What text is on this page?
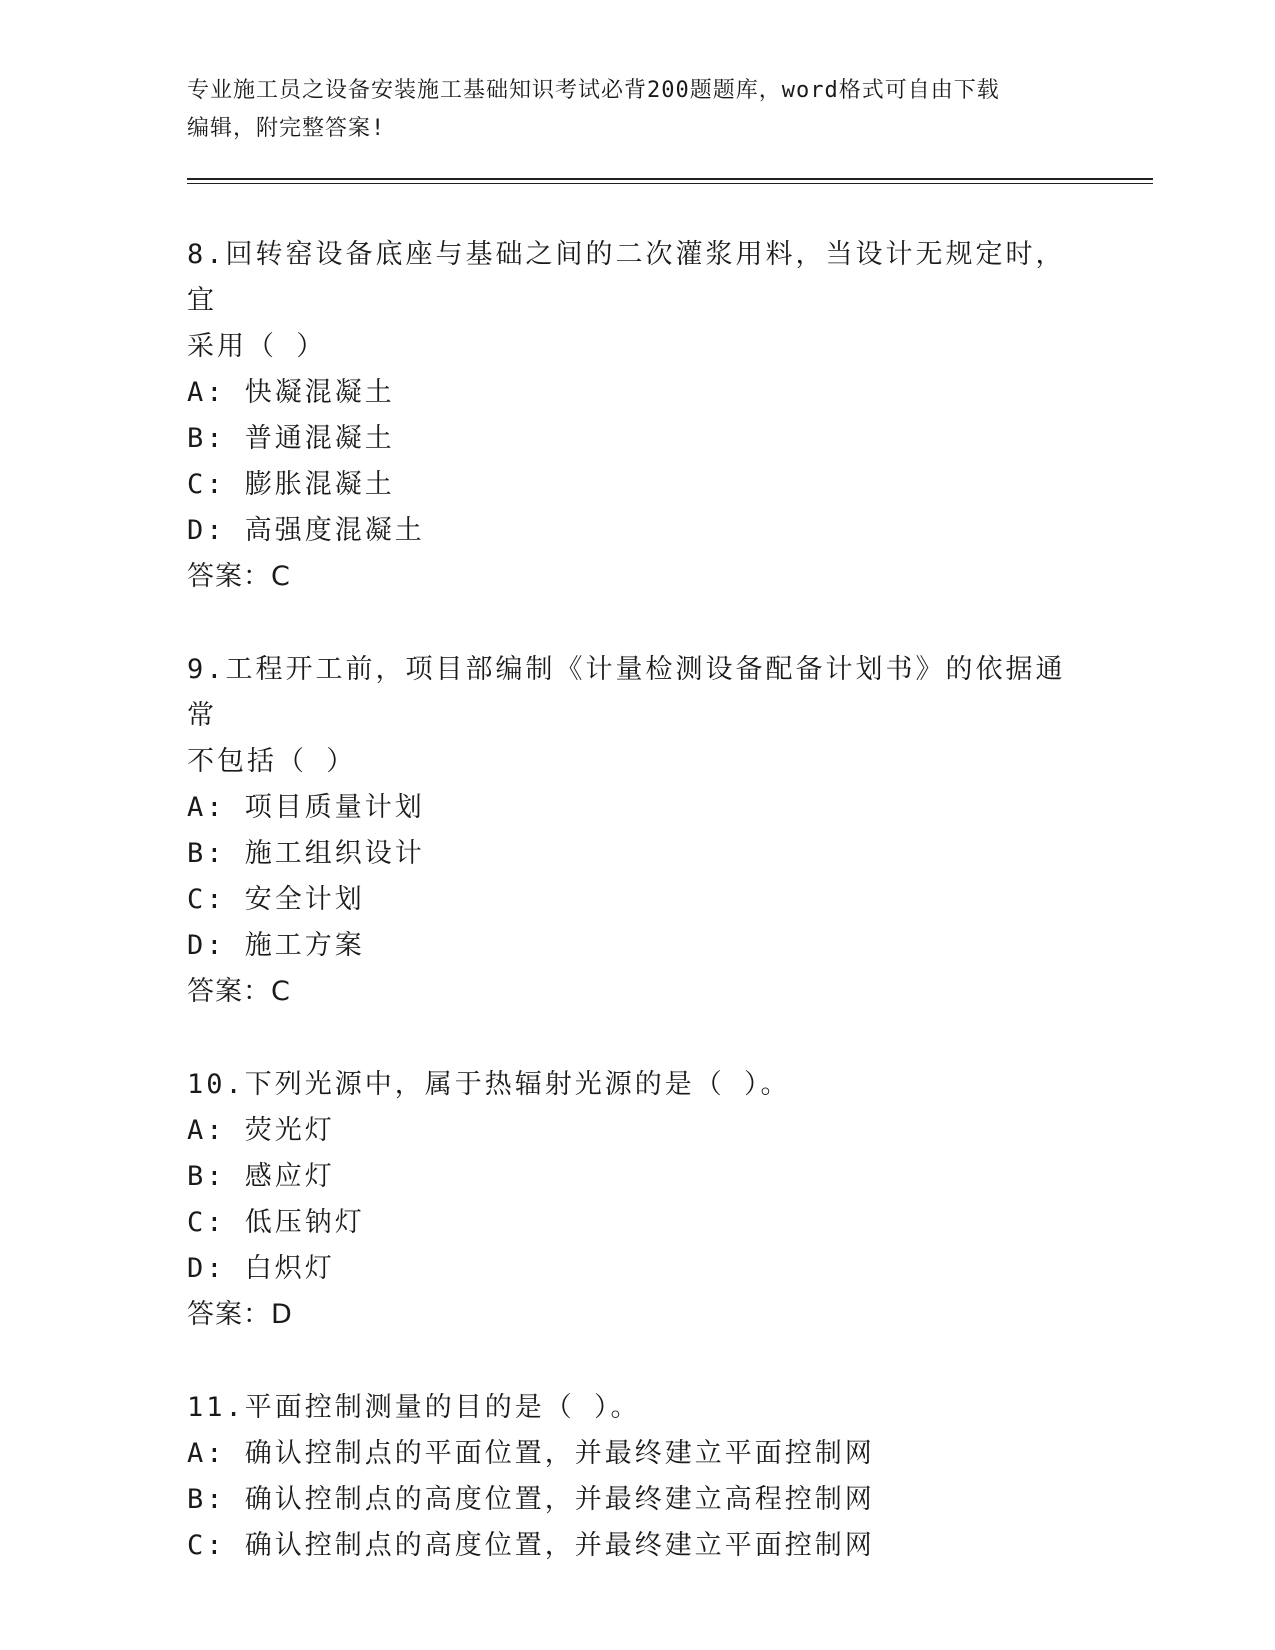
专业施工员之设备安装施工基础知识考试必背200题题库，word格式可自由下载
编辑，附完整答案!

8.回转窑设备底座与基础之间的二次灌浆用料，当设计无规定时，宜

采用（ ）

A: 快凝混凝土

B: 普通混凝土

C: 膨胀混凝土

D: 高强度混凝土

答案：C

9.工程开工前，项目部编制《计量检测设备配备计划书》的依据通常

不包括（ ）

A: 项目质量计划

B: 施工组织设计

C: 安全计划

D: 施工方案

答案：C

10.下列光源中，属于热辐射光源的是（ ）。

A: 荧光灯

B: 感应灯

C: 低压钠灯

D: 白炽灯

答案：D

11.平面控制测量的目的是（ ）。

A: 确认控制点的平面位置，并最终建立平面控制网

B: 确认控制点的高度位置，并最终建立高程控制网

C: 确认控制点的高度位置，并最终建立平面控制网
